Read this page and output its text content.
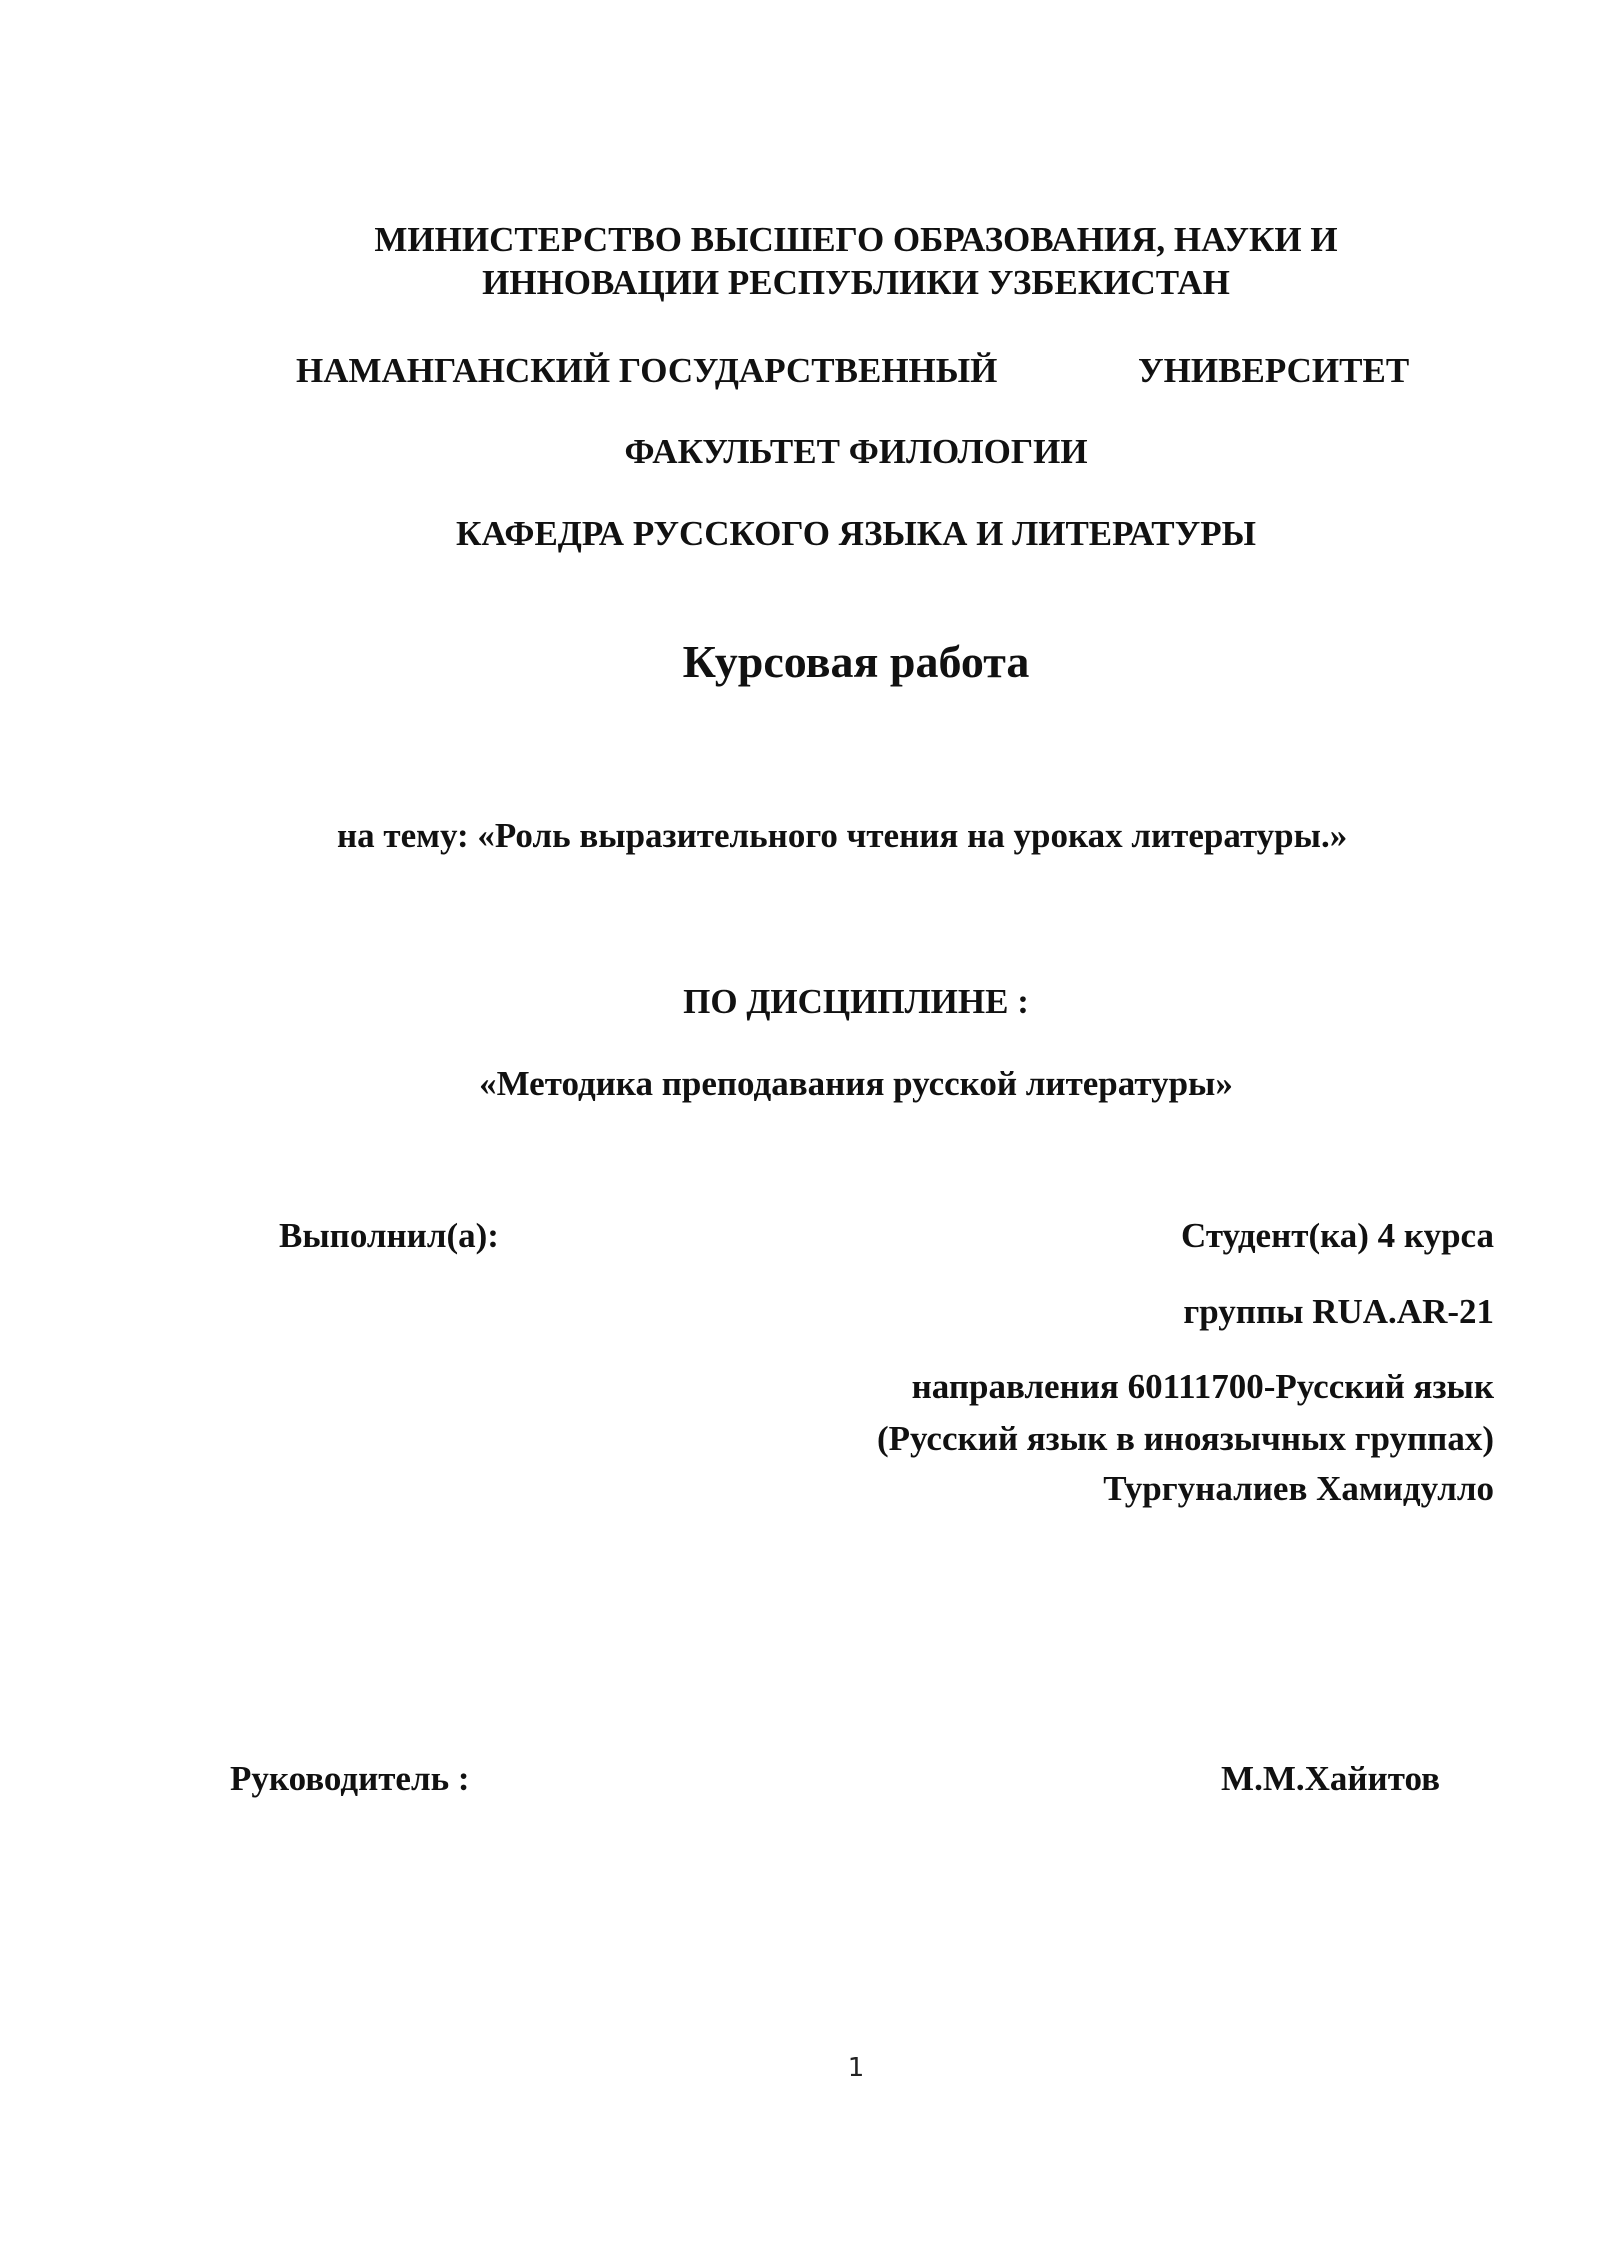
МИНИСТЕРСТВО ВЫСШЕГО ОБРАЗОВАНИЯ, НАУКИ И
ИННОВАЦИИ РЕСПУБЛИКИ УЗБЕКИСТАН
НАМАНГАНСКИЙ ГОСУДАРСТВЕННЫЙ	УНИВЕРСИТЕТ
ФАКУЛЬТЕТ ФИЛОЛОГИИ
КАФЕДРА РУССКОГО ЯЗЫКА И ЛИТЕРАТУРЫ
Курсовая работа
на тему: «Роль выразительного чтения на уроках литературы.»
ПО ДИСЦИПЛИНЕ :
«Методика преподавания русской литературы»
Выполнил(а):	Студент(ка) 4 курса
группы RUA.AR-21
направления 60111700-Русский язык
(Русский язык в иноязычных группах)
Тургуналиев Хамидулло
Руководитель :	М.М.Хайитов
1
